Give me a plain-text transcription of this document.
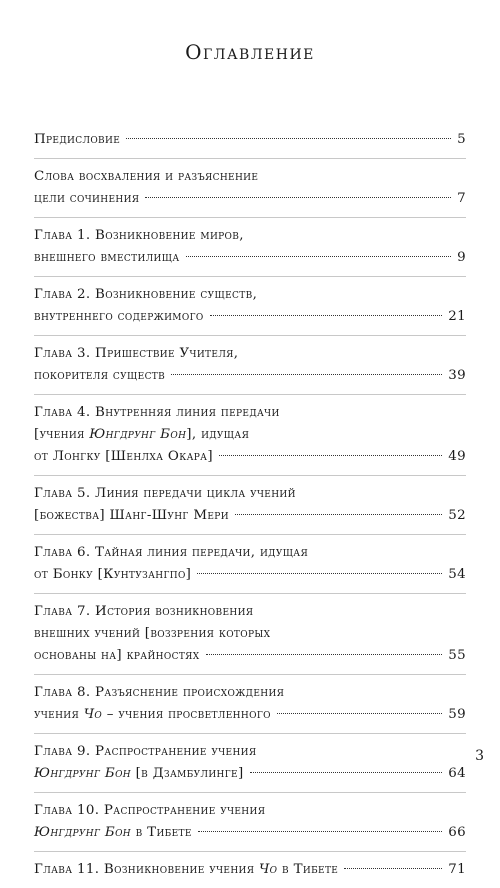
Оглавление
Предисловие	5
Слова восхваления и разъяснение
цели сочинения	7
Глава 1. Возникновение миров,
внешнего вместилища	9
Глава 2. Возникновение существ,
внутреннего содержимого	21
Глава 3. Пришествие Учителя,
покорителя существ	39
Глава 4. Внутренняя линия передачи
[учения Юнгдрунг Бон], идущая
от Лонгку [Шенлха Окара]	49
Глава 5. Линия передачи цикла учений
[божества] Шанг-Шунг Мери	52
Глава 6. Тайная линия передачи, идущая
от Бонку [Кунтузангпо]	54
Глава 7. История возникновения
внешних учений [воззрения которых
основаны на] крайностях	55
Глава 8. Разъяснение происхождения
учения Чо – учения просветленного	59
Глава 9. Распространение учения
Юнгдрунг Бон [в Дзамбулинге]	64
Глава 10. Распространение учения
Юнгдрунг Бон в Тибете	66
Глава 11. Возникновение учения Чо в Тибете	71
3
